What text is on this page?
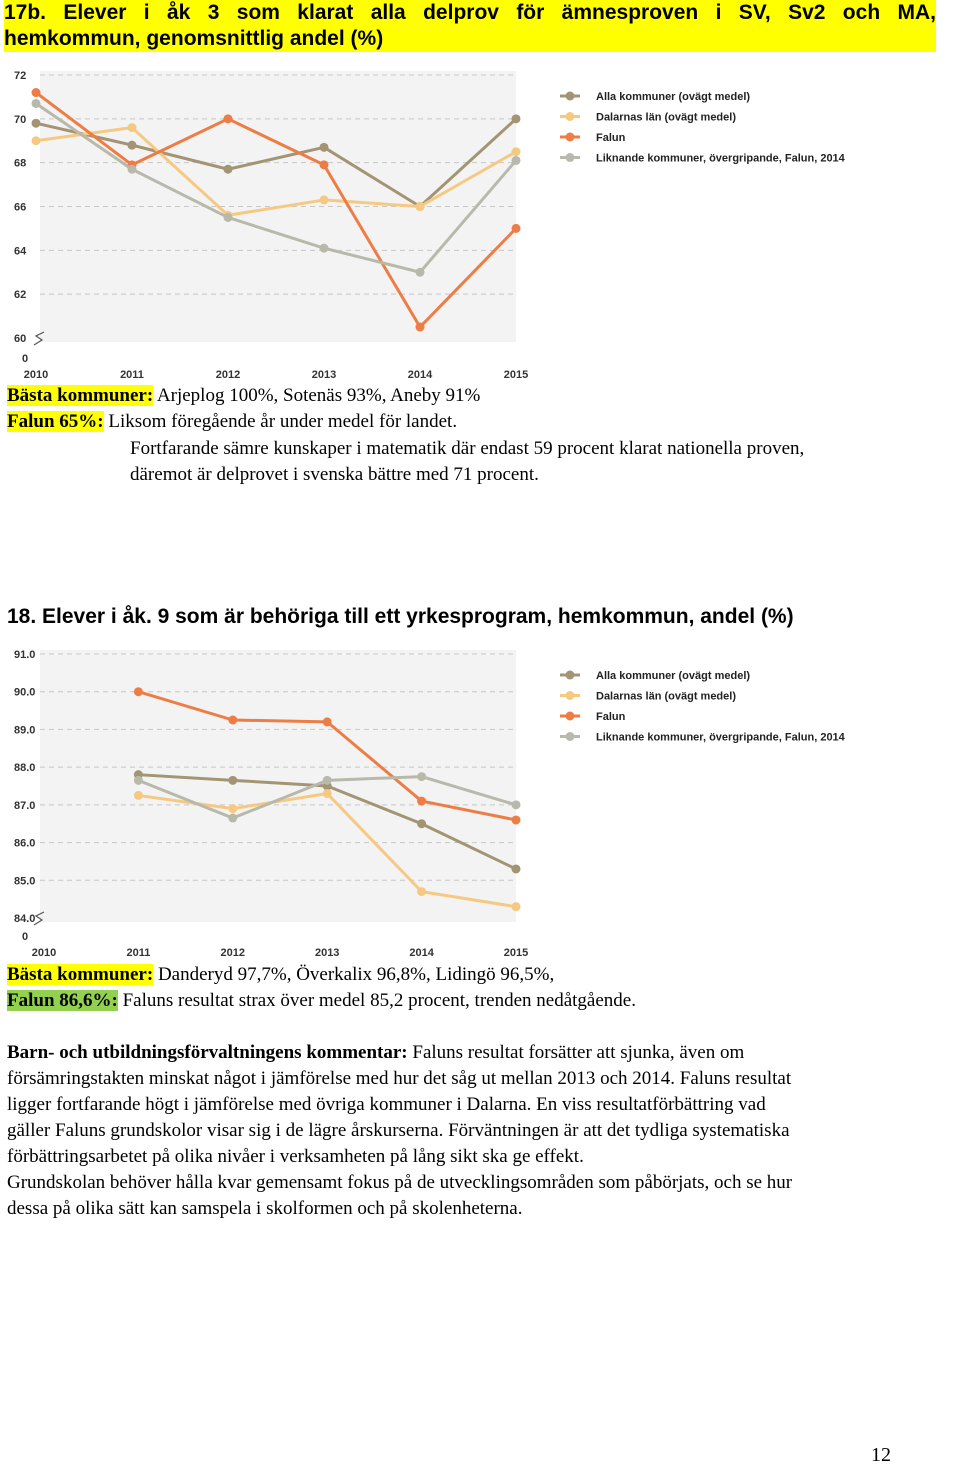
17b. Elever i åk 3 som klarat alla delprov för ämnesproven i SV, Sv2 och MA,
hemkommun, genomsnittlig andel (%)
60
62
64
66
68
70
72
0
2010	2011	2012	2013	2014	2015
Alla kommuner (ovägt medel)
Dalarnas län (ovägt medel)
Falun
Liknande kommuner, övergripande, Falun, 2014
Bästa kommuner: Arjeplog 100%, Sotenäs 93%, Aneby 91%
Falun 65%: Liksom föregående år under medel för landet.
Fortfarande sämre kunskaper i matematik där endast 59 procent klarat nationella proven,
däremot är delprovet i svenska bättre med 71 procent.
18. Elever i åk. 9 som är behöriga till ett yrkesprogram, hemkommun, andel (%)
84.0
85.0
86.0
87.0
88.0
89.0
90.0
91.0
0
2010	2011	2012	2013	2014	2015
Alla kommuner (ovägt medel)
Dalarnas län (ovägt medel)
Falun
Liknande kommuner, övergripande, Falun, 2014
Bästa kommuner: Danderyd 97,7%, Överkalix 96,8%, Lidingö 96,5%,
Falun 86,6%: Faluns resultat strax över medel 85,2 procent, trenden nedåtgående.
Barn- och utbildningsförvaltningens kommentar: Faluns resultat forsätter att sjunka, även om
försämringstakten minskat något i jämförelse med hur det såg ut mellan 2013 och 2014. Faluns resultat
ligger fortfarande högt i jämförelse med övriga kommuner i Dalarna. En viss resultatförbättring vad
gäller Faluns grundskolor visar sig i de lägre årskurserna. Förväntningen är att det tydliga systematiska
förbättringsarbetet på olika nivåer i verksamheten på lång sikt ska ge effekt.
Grundskolan behöver hålla kvar gemensamt fokus på de utvecklingsområden som påbörjats, och se hur
dessa på olika sätt kan samspela i skolformen och på skolenheterna.
12
